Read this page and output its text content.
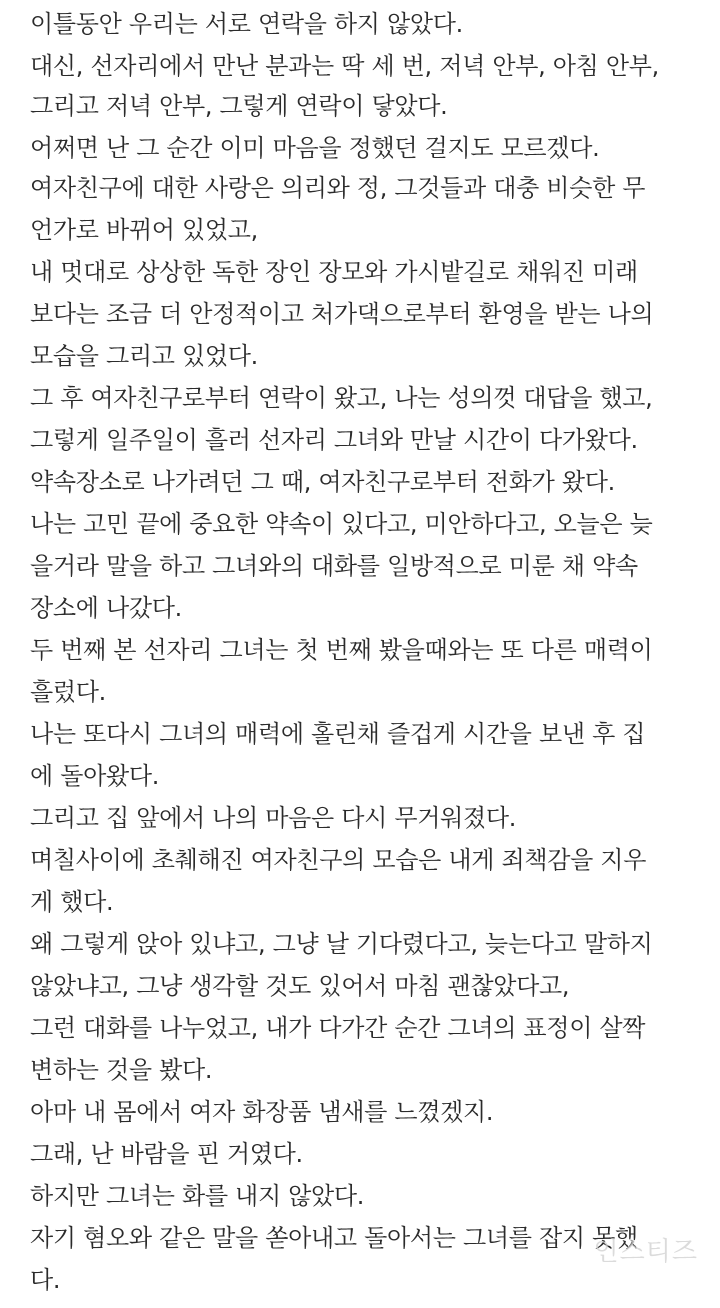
이틀동안 우리는 서로 연락을 하지 않았다.
대신, 선자리에서 만난 분과는 딱 세 번, 저녁 안부, 아침 안부,
그리고 저녁 안부, 그렇게 연락이 닿았다.
어쩌면 난 그 순간 이미 마음을 정했던 걸지도 모르겠다.
여자친구에 대한 사랑은 의리와 정, 그것들과 대충 비슷한 무
언가로 바뀌어 있었고,
내 멋대로 상상한 독한 장인 장모와 가시밭길로 채워진 미래
보다는 조금 더 안정적이고 처가댁으로부터 환영을 받는 나의
모습을 그리고 있었다.
그 후 여자친구로부터 연락이 왔고, 나는 성의껏 대답을 했고,
그렇게 일주일이 흘러 선자리 그녀와 만날 시간이 다가왔다.
약속장소로 나가려던 그 때, 여자친구로부터 전화가 왔다.
나는 고민 끝에 중요한 약속이 있다고, 미안하다고, 오늘은 늦
을거라 말을 하고 그녀와의 대화를 일방적으로 미룬 채 약속
장소에 나갔다.
두 번째 본 선자리 그녀는 첫 번째 봤을때와는 또 다른 매력이
흘렀다.
나는 또다시 그녀의 매력에 홀린채 즐겁게 시간을 보낸 후 집
에 돌아왔다.
그리고 집 앞에서 나의 마음은 다시 무거워졌다.
며칠사이에 초췌해진 여자친구의 모습은 내게 죄책감을 지우
게 했다.
왜 그렇게 앉아 있냐고, 그냥 날 기다렸다고, 늦는다고 말하지
않았냐고, 그냥 생각할 것도 있어서 마침 괜찮았다고,
그런 대화를 나누었고, 내가 다가간 순간 그녀의 표정이 살짝
변하는 것을 봤다.
아마 내 몸에서 여자 화장품 냄새를 느꼈겠지.
그래, 난 바람을 핀 거였다.
하지만 그녀는 화를 내지 않았다.
자기 혐오와 같은 말을 쏟아내고 돌아서는 그녀를 잡지 못했
다.
인스티즈
